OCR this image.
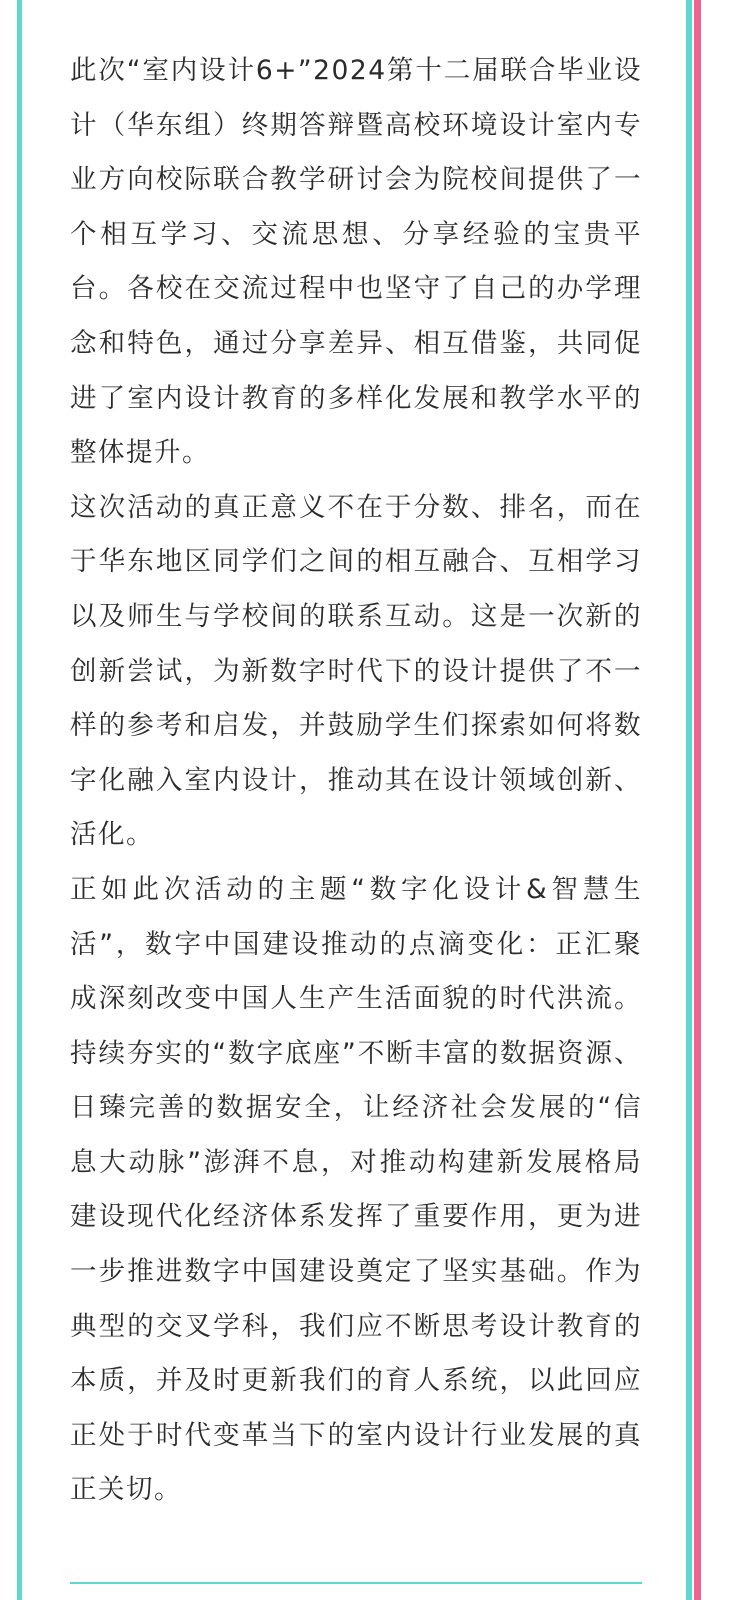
此次“室内设计6+”2024第十二届联合毕业设计（华东组）终期答辩暨高校环境设计室内专业方向校际联合教学研讨会为院校间提供了一个相互学习、交流思想、分享经验的宝贵平台。各校在交流过程中也坚守了自己的办学理念和特色，通过分享差异、相互借鉴，共同促进了室内设计教育的多样化发展和教学水平的整体提升。

这次活动的真正意义不在于分数、排名，而在于华东地区同学们之间的相互融合、互相学习以及师生与学校间的联系互动。这是一次新的创新尝试，为新数字时代下的设计提供了不一样的参考和启发，并鼓励学生们探索如何将数字化融入室内设计，推动其在设计领域创新、活化。

正如此次活动的主题“数字化设计&智慧生活”，数字中国建设推动的点滴变化：正汇聚成深刻改变中国人生产生活面貌的时代洪流。持续夯实的“数字底座”不断丰富的数据资源、日臻完善的数据安全，让经济社会发展的“信息大动脉”澎湃不息，对推动构建新发展格局建设现代化经济体系发挥了重要作用，更为进一步推进数字中国建设奠定了坚实基础。作为典型的交叉学科，我们应不断思考设计教育的本质，并及时更新我们的育人系统，以此回应正处于时代变革当下的室内设计行业发展的真正关切。
